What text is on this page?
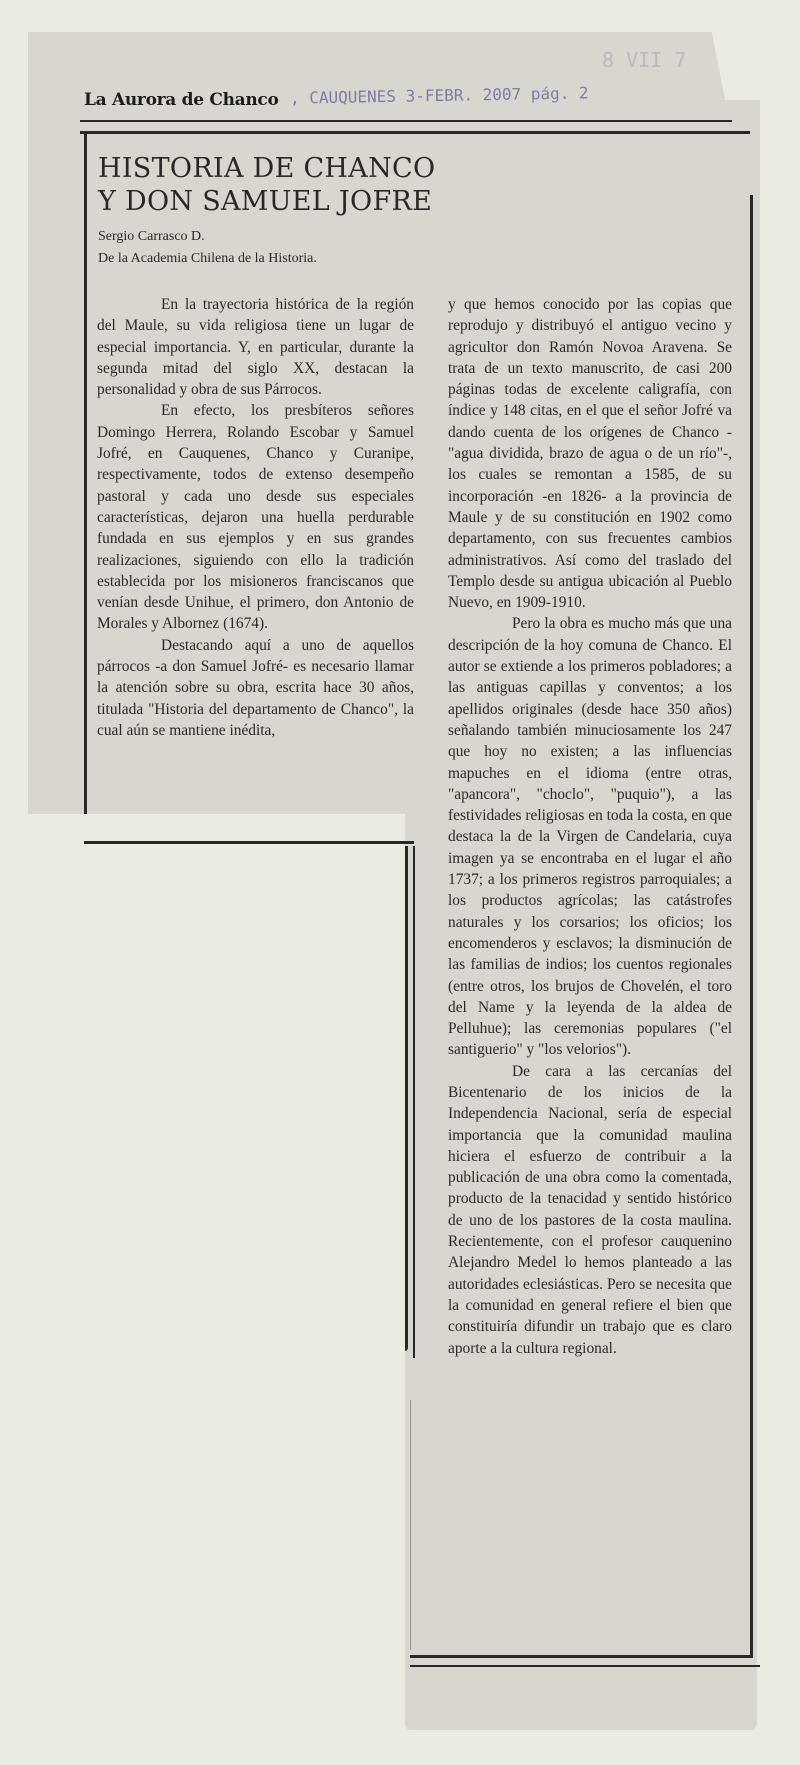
8 VII 7
La Aurora de Chanco , CAUQUENES 3-FEBR. 2007 pág. 2
HISTORIA DE CHANCO
Y DON SAMUEL JOFRE
Sergio Carrasco D.
De la Academia Chilena de la Historia.

En la trayectoria histórica de la región del Maule, su vida religiosa tiene un lugar de especial importancia. Y, en particular, durante la segunda mitad del siglo XX, destacan la personalidad y obra de sus Párrocos.

En efecto, los presbíteros señores Domingo Herrera, Rolando Escobar y Samuel Jofré, en Cauquenes, Chanco y Curanipe, respectivamente, todos de extenso desempeño pastoral y cada uno desde sus especiales características, dejaron una huella perdurable fundada en sus ejemplos y en sus grandes realizaciones, siguiendo con ello la tradición establecida por los misioneros franciscanos que venían desde Unihue, el primero, don Antonio de Morales y Albornez (1674).

Destacando aquí a uno de aquellos párrocos -a don Samuel Jofré- es necesario llamar la atención sobre su obra, escrita hace 30 años, titulada "Historia del departamento de Chanco", la cual aún se mantiene inédita,

y que hemos conocido por las copias que reprodujo y distribuyó el antiguo vecino y agricultor don Ramón Novoa Aravena. Se trata de un texto manuscrito, de casi 200 páginas todas de excelente caligrafía, con índice y 148 citas, en el que el señor Jofré va dando cuenta de los orígenes de Chanco -"agua dividida, brazo de agua o de un río"-, los cuales se remontan a 1585, de su incorporación -en 1826- a la provincia de Maule y de su constitución en 1902 como departamento, con sus frecuentes cambios administrativos. Así como del traslado del Templo desde su antigua ubicación al Pueblo Nuevo, en 1909-1910.

Pero la obra es mucho más que una descripción de la hoy comuna de Chanco. El autor se extiende a los primeros pobladores; a las antiguas capillas y conventos; a los apellidos originales (desde hace 350 años) señalando también minuciosamente los 247 que hoy no existen; a las influencias mapuches en el idioma (entre otras, "apancora", "choclo", "puquio"), a las festividades religiosas en toda la costa, en que destaca la de la Virgen de Candelaria, cuya imagen ya se encontraba en el lugar el año 1737; a los primeros registros parroquiales; a los productos agrícolas; las catástrofes naturales y los corsarios; los oficios; los encomenderos y esclavos; la disminución de las familias de indios; los cuentos regionales (entre otros, los brujos de Chovelén, el toro del Name y la leyenda de la aldea de Pelluhue); las ceremonias populares ("el santiguerio" y "los velorios").

De cara a las cercanías del Bicentenario de los inicios de la Independencia Nacional, sería de especial importancia que la comunidad maulina hiciera el esfuerzo de contribuir a la publicación de una obra como la comentada, producto de la tenacidad y sentido histórico de uno de los pastores de la costa maulina. Recientemente, con el profesor cauquenino Alejandro Medel lo hemos planteado a las autoridades eclesiásticas. Pero se necesita que la comunidad en general refiere el bien que constituiría difundir un trabajo que es claro aporte a la cultura regional.
